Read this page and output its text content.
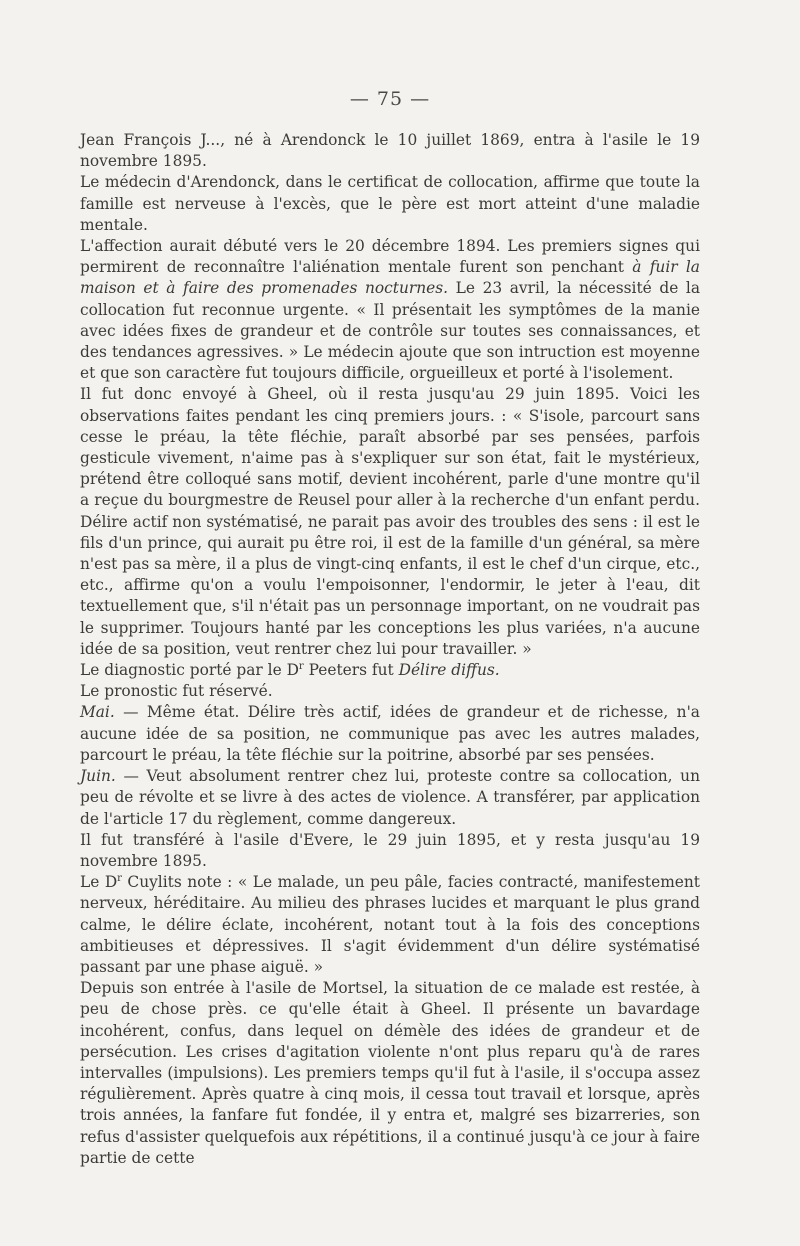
— 75 —

Jean François J..., né à Arendonck le 10 juillet 1869, entra à l'asile le 19 novembre 1895.

Le médecin d'Arendonck, dans le certificat de collocation, affirme que toute la famille est nerveuse à l'excès, que le père est mort atteint d'une maladie mentale.

L'affection aurait débuté vers le 20 décembre 1894. Les premiers signes qui permirent de reconnaître l'aliénation mentale furent son penchant à fuir la maison et à faire des promenades nocturnes. Le 23 avril, la nécessité de la collocation fut reconnue urgente. « Il présentait les symptômes de la manie avec idées fixes de grandeur et de contrôle sur toutes ses connaissances, et des tendances agressives. » Le médecin ajoute que son intruction est moyenne et que son caractère fut toujours difficile, orgueilleux et porté à l'isolement.

Il fut donc envoyé à Gheel, où il resta jusqu'au 29 juin 1895. Voici les observations faites pendant les cinq premiers jours. : « S'isole, parcourt sans cesse le préau, la tête fléchie, paraît absorbé par ses pensées, parfois gesticule vivement, n'aime pas à s'expliquer sur son état, fait le mystérieux, prétend être colloqué sans motif, devient incohérent, parle d'une montre qu'il a reçue du bourgmestre de Reusel pour aller à la recherche d'un enfant perdu. Délire actif non systématisé, ne parait pas avoir des troubles des sens : il est le fils d'un prince, qui aurait pu être roi, il est de la famille d'un général, sa mère n'est pas sa mère, il a plus de vingt-cinq enfants, il est le chef d'un cirque, etc., etc., affirme qu'on a voulu l'empoisonner, l'endormir, le jeter à l'eau, dit textuellement que, s'il n'était pas un personnage important, on ne voudrait pas le supprimer. Toujours hanté par les conceptions les plus variées, n'a aucune idée de sa position, veut rentrer chez lui pour travailler. »

Le diagnostic porté par le $D^r$ Peeters fut Délire diffus.

Le pronostic fut réservé.

Mai. — Même état. Délire très actif, idées de grandeur et de richesse, n'a aucune idée de sa position, ne communique pas avec les autres malades, parcourt le préau, la tête fléchie sur la poitrine, absorbé par ses pensées.

Juin. — Veut absolument rentrer chez lui, proteste contre sa collocation, un peu de révolte et se livre à des actes de violence. A transférer, par application de l'article 17 du règlement, comme dangereux.

Il fut transféré à l'asile d'Evere, le 29 juin 1895, et y resta jusqu'au 19 novembre 1895.

Le $D^r$ Cuylits note : « Le malade, un peu pâle, facies contracté, manifestement nerveux, héréditaire. Au milieu des phrases lucides et marquant le plus grand calme, le délire éclate, incohérent, notant tout à la fois des conceptions ambitieuses et dépressives. Il s'agit évidemment d'un délire systématisé passant par une phase aiguë. »

Depuis son entrée à l'asile de Mortsel, la situation de ce malade est restée, à peu de chose près. ce qu'elle était à Gheel. Il présente un bavardage incohérent, confus, dans lequel on démèle des idées de grandeur et de persécution. Les crises d'agitation violente n'ont plus reparu qu'à de rares intervalles (impulsions). Les premiers temps qu'il fut à l'asile, il s'occupa assez régulièrement. Après quatre à cinq mois, il cessa tout travail et lorsque, après trois années, la fanfare fut fondée, il y entra et, malgré ses bizarreries, son refus d'assister quelquefois aux répétitions, il a continué jusqu'à ce jour à faire partie de cette
